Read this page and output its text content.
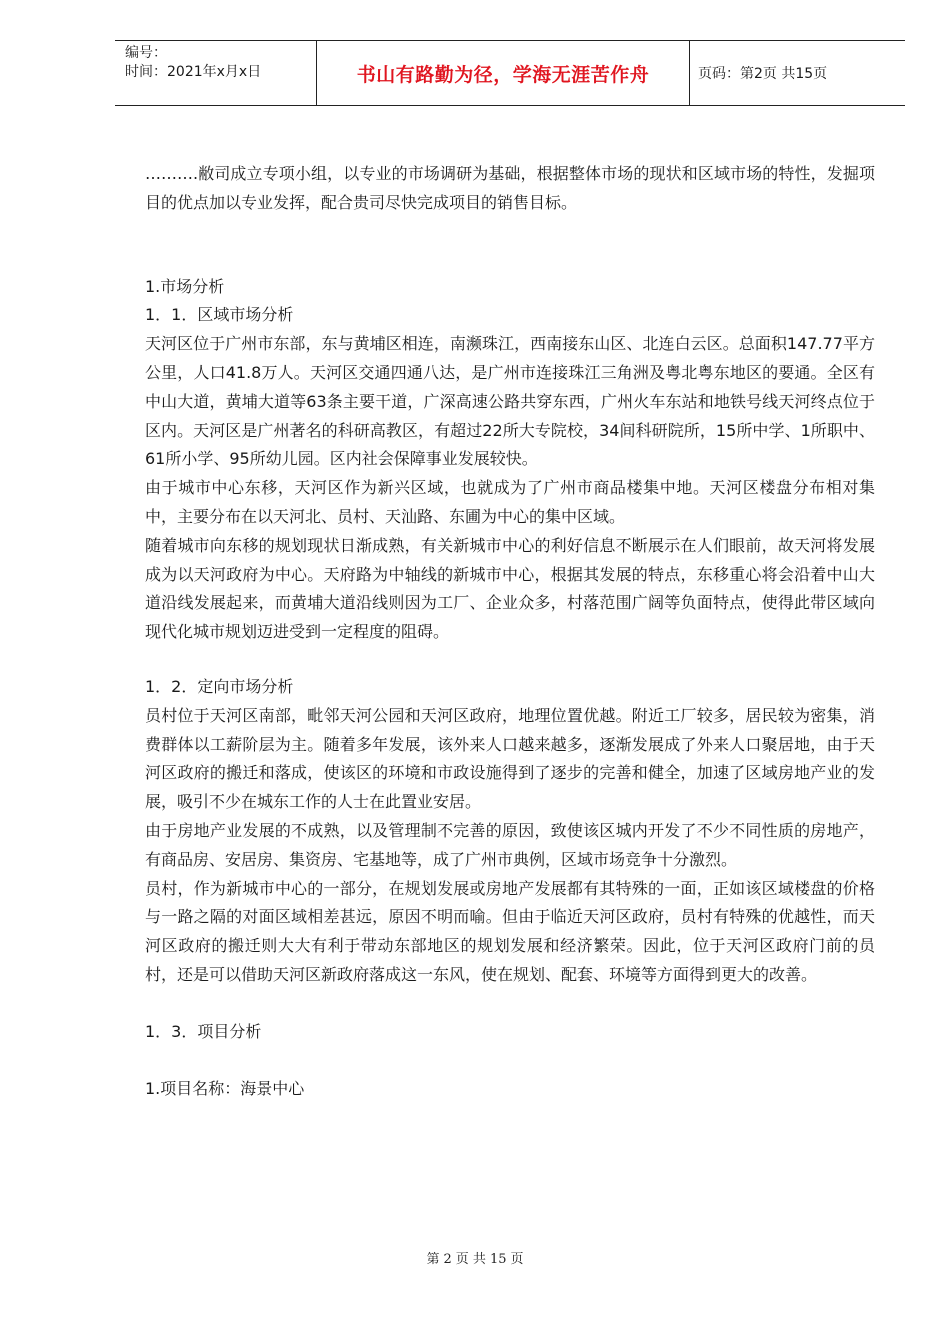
编号：
时间：2021年x月x日	书山有路勤为径，学海无涯苦作舟	页码：第2页 共15页

……….敝司成立专项小组，以专业的市场调研为基础，根据整体市场的现状和区域市场的特性，发掘项目的优点加以专业发挥，配合贵司尽快完成项目的销售目标。

1.市场分析

1．1．区域市场分析

天河区位于广州市东部，东与黄埔区相连，南濒珠江，西南接东山区、北连白云区。总面积147.77平方公里，人口41.8万人。天河区交通四通八达，是广州市连接珠江三角洲及粤北粤东地区的要通。全区有中山大道，黄埔大道等63条主要干道，广深高速公路共穿东西，广州火车东站和地铁号线天河终点位于区内。天河区是广州著名的科研高教区，有超过22所大专院校，34间科研院所，15所中学、1所职中、61所小学、95所幼儿园。区内社会保障事业发展较快。

由于城市中心东移，天河区作为新兴区域，也就成为了广州市商品楼集中地。天河区楼盘分布相对集中，主要分布在以天河北、员村、天汕路、东圃为中心的集中区域。

随着城市向东移的规划现状日渐成熟，有关新城市中心的利好信息不断展示在人们眼前，故天河将发展成为以天河政府为中心。天府路为中轴线的新城市中心，根据其发展的特点，东移重心将会沿着中山大道沿线发展起来，而黄埔大道沿线则因为工厂、企业众多，村落范围广阔等负面特点，使得此带区域向现代化城市规划迈进受到一定程度的阻碍。

1．2．定向市场分析

员村位于天河区南部，毗邻天河公园和天河区政府，地理位置优越。附近工厂较多，居民较为密集，消费群体以工薪阶层为主。随着多年发展，该外来人口越来越多，逐渐发展成了外来人口聚居地，由于天河区政府的搬迁和落成，使该区的环境和市政设施得到了逐步的完善和健全，加速了区域房地产业的发展，吸引不少在城东工作的人士在此置业安居。

由于房地产业发展的不成熟，以及管理制不完善的原因，致使该区城内开发了不少不同性质的房地产，有商品房、安居房、集资房、宅基地等，成了广州市典例，区域市场竞争十分激烈。

员村，作为新城市中心的一部分，在规划发展或房地产发展都有其特殊的一面，正如该区域楼盘的价格与一路之隔的对面区域相差甚远，原因不明而喻。但由于临近天河区政府，员村有特殊的优越性，而天河区政府的搬迁则大大有利于带动东部地区的规划发展和经济繁荣。因此，位于天河区政府门前的员村，还是可以借助天河区新政府落成这一东风，使在规划、配套、环境等方面得到更大的改善。

1．3．项目分析

1.项目名称：海景中心

第 2 页 共 15 页
